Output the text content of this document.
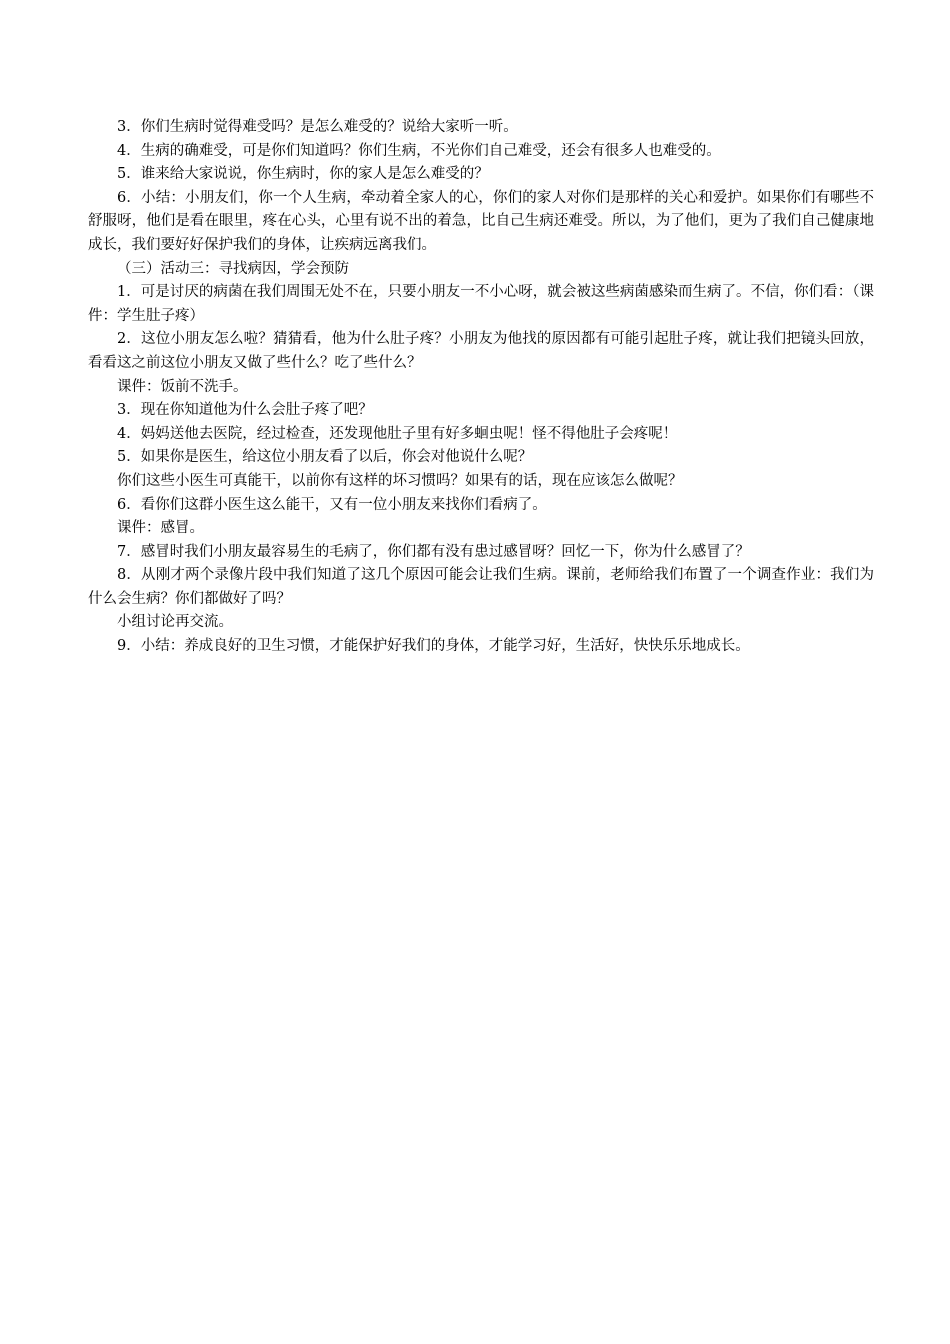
3．你们生病时觉得难受吗？是怎么难受的？说给大家听一听。

4．生病的确难受，可是你们知道吗？你们生病，不光你们自己难受，还会有很多人也难受的。

5．谁来给大家说说，你生病时，你的家人是怎么难受的？

6．小结：小朋友们，你一个人生病，牵动着全家人的心，你们的家人对你们是那样的关心和爱护。如果你们有哪些不舒服呀，他们是看在眼里，疼在心头，心里有说不出的着急，比自己生病还难受。所以，为了他们，更为了我们自己健康地成长，我们要好好保护我们的身体，让疾病远离我们。

（三）活动三：寻找病因，学会预防

1．可是讨厌的病菌在我们周围无处不在，只要小朋友一不小心呀，就会被这些病菌感染而生病了。不信，你们看：（课件：学生肚子疼）

2．这位小朋友怎么啦？猜猜看，他为什么肚子疼？小朋友为他找的原因都有可能引起肚子疼，就让我们把镜头回放，看看这之前这位小朋友又做了些什么？吃了些什么？

课件：饭前不洗手。

3．现在你知道他为什么会肚子疼了吧？

4．妈妈送他去医院，经过检查，还发现他肚子里有好多蛔虫呢！怪不得他肚子会疼呢！

5．如果你是医生，给这位小朋友看了以后，你会对他说什么呢？

你们这些小医生可真能干，以前你有这样的坏习惯吗？如果有的话，现在应该怎么做呢？

6．看你们这群小医生这么能干，又有一位小朋友来找你们看病了。

课件：感冒。

7．感冒时我们小朋友最容易生的毛病了，你们都有没有患过感冒呀？回忆一下，你为什么感冒了？

8．从刚才两个录像片段中我们知道了这几个原因可能会让我们生病。课前，老师给我们布置了一个调查作业：我们为什么会生病？你们都做好了吗？

小组讨论再交流。

9．小结：养成良好的卫生习惯，才能保护好我们的身体，才能学习好，生活好，快快乐乐地成长。
